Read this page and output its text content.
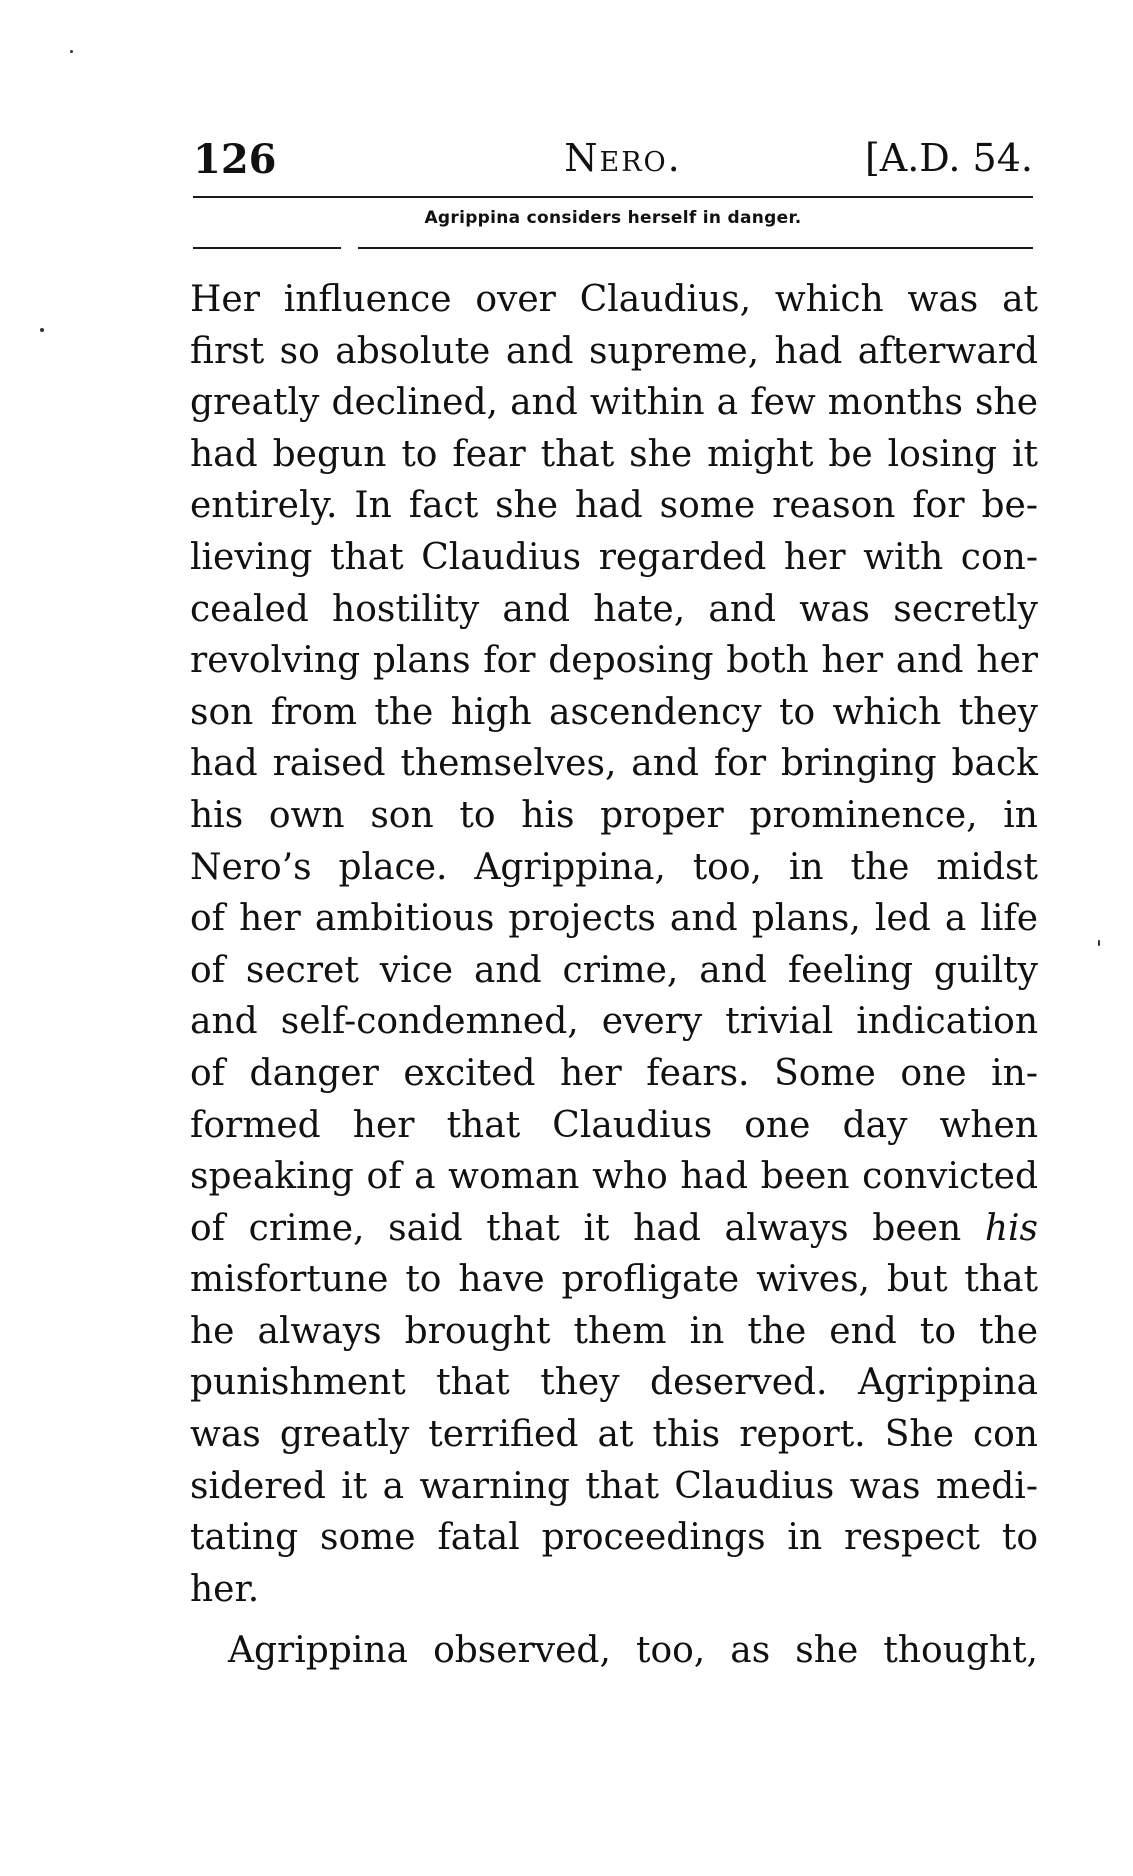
126	Nero.	[A.D. 54.
Agrippina considers herself in danger.
Her influence over Claudius, which was at
first so absolute and supreme, had afterward
greatly declined, and within a few months she
had begun to fear that she might be losing it
entirely. In fact she had some reason for be-
lieving that Claudius regarded her with con-
cealed hostility and hate, and was secretly
revolving plans for deposing both her and her
son from the high ascendency to which they
had raised themselves, and for bringing back
his own son to his proper prominence, in
Nero’s place. Agrippina, too, in the midst
of her ambitious projects and plans, led a life
of secret vice and crime, and feeling guilty
and self-condemned, every trivial indication
of danger excited her fears. Some one in-
formed her that Claudius one day when
speaking of a woman who had been convicted
of crime, said that it had always been his
misfortune to have profligate wives, but that
he always brought them in the end to the
punishment that they deserved. Agrippina
was greatly terrified at this report. She con
sidered it a warning that Claudius was medi-
tating some fatal proceedings in respect to
her.
Agrippina observed, too, as she thought,
